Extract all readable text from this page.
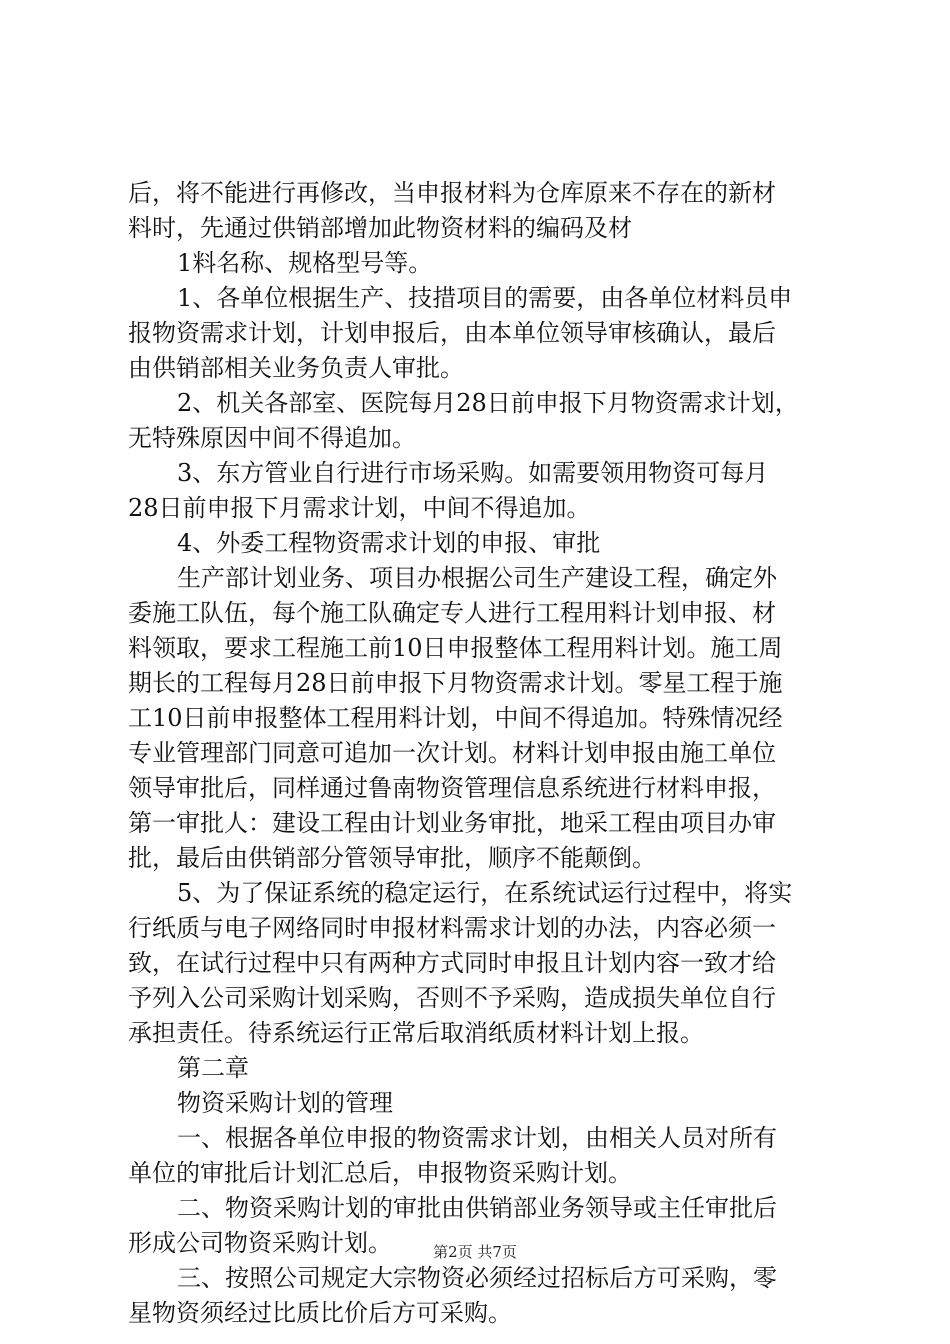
后，将不能进行再修改，当申报材料为仓库原来不存在的新材
料时，先通过供销部增加此物资材料的编码及材
1料名称、规格型号等。
1、各单位根据生产、技措项目的需要，由各单位材料员申
报物资需求计划，计划申报后，由本单位领导审核确认，最后
由供销部相关业务负责人审批。
2、机关各部室、医院每月28日前申报下月物资需求计划，
无特殊原因中间不得追加。
3、东方管业自行进行市场采购。如需要领用物资可每月
28日前申报下月需求计划，中间不得追加。
4、外委工程物资需求计划的申报、审批
生产部计划业务、项目办根据公司生产建设工程，确定外
委施工队伍，每个施工队确定专人进行工程用料计划申报、材
料领取，要求工程施工前10日申报整体工程用料计划。施工周
期长的工程每月28日前申报下月物资需求计划。零星工程于施
工10日前申报整体工程用料计划，中间不得追加。特殊情况经
专业管理部门同意可追加一次计划。材料计划申报由施工单位
领导审批后，同样通过鲁南物资管理信息系统进行材料申报，
第一审批人：建设工程由计划业务审批，地采工程由项目办审
批，最后由供销部分管领导审批，顺序不能颠倒。
5、为了保证系统的稳定运行，在系统试运行过程中，将实
行纸质与电子网络同时申报材料需求计划的办法，内容必须一
致，在试行过程中只有两种方式同时申报且计划内容一致才给
予列入公司采购计划采购，否则不予采购，造成损失单位自行
承担责任。待系统运行正常后取消纸质材料计划上报。
第二章
物资采购计划的管理
一、根据各单位申报的物资需求计划，由相关人员对所有
单位的审批后计划汇总后，申报物资采购计划。
二、物资采购计划的审批由供销部业务领导或主任审批后
形成公司物资采购计划。
三、按照公司规定大宗物资必须经过招标后方可采购，零
星物资须经过比质比价后方可采购。
第2页 共7页
